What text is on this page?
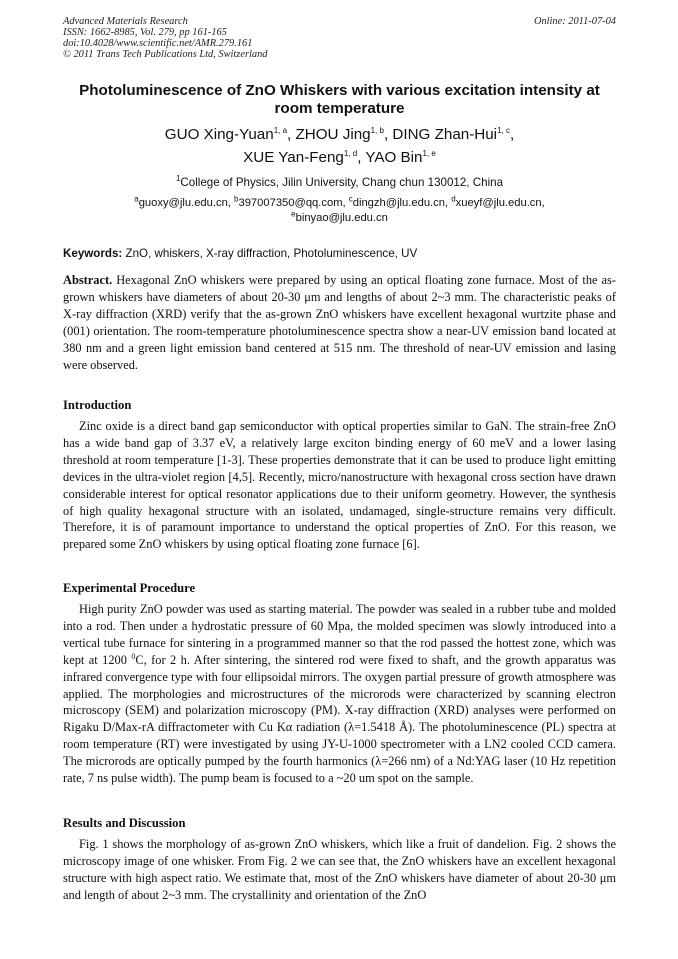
Advanced Materials Research
ISSN: 1662-8985, Vol. 279, pp 161-165
doi:10.4028/www.scientific.net/AMR.279.161
© 2011 Trans Tech Publications Ltd, Switzerland
Online: 2011-07-04
Photoluminescence of ZnO Whiskers with various excitation intensity at room temperature
GUO Xing-Yuan$^{1, a}$, ZHOU Jing$^{1, b}$, DING Zhan-Hui$^{1, c}$,
XUE Yan-Feng$^{1, d}$, YAO Bin$^{1, e}$
$^1$College of Physics, Jilin University, Chang chun 130012, China
$^a$guoxy@jlu.edu.cn, $^b$397007350@qq.com, $^c$dingzh@jlu.edu.cn, $^d$xueyf@jlu.edu.cn,
$^e$binyao@jlu.edu.cn
Keywords: ZnO, whiskers, X-ray diffraction, Photoluminescence, UV

Abstract. Hexagonal ZnO whiskers were prepared by using an optical floating zone furnace. Most of the as-grown whiskers have diameters of about 20-30 μm and lengths of about 2~3 mm. The characteristic peaks of X-ray diffraction (XRD) verify that the as-grown ZnO whiskers have excellent hexagonal wurtzite phase and (001) orientation. The room-temperature photoluminescence spectra show a near-UV emission band located at 380 nm and a green light emission band centered at 515 nm. The threshold of near-UV emission and lasing were observed.

Introduction

Zinc oxide is a direct band gap semiconductor with optical properties similar to GaN. The strain-free ZnO has a wide band gap of 3.37 eV, a relatively large exciton binding energy of 60 meV and a lower lasing threshold at room temperature [1-3]. These properties demonstrate that it can be used to produce light emitting devices in the ultra-violet region [4,5]. Recently, micro/nanostructure with hexagonal cross section have drawn considerable interest for optical resonator applications due to their uniform geometry. However, the synthesis of high quality hexagonal structure with an isolated, undamaged, single-structure remains very difficult. Therefore, it is of paramount importance to understand the optical properties of ZnO. For this reason, we prepared some ZnO whiskers by using optical floating zone furnace [6].

Experimental Procedure

High purity ZnO powder was used as starting material. The powder was sealed in a rubber tube and molded into a rod. Then under a hydrostatic pressure of 60 Mpa, the molded specimen was slowly introduced into a vertical tube furnace for sintering in a programmed manner so that the rod passed the hottest zone, which was kept at 1200 $^0$C, for 2 h. After sintering, the sintered rod were fixed to shaft, and the growth apparatus was infrared convergence type with four ellipsoidal mirrors. The oxygen partial pressure of growth atmosphere was applied. The morphologies and microstructures of the microrods were characterized by scanning electron microscopy (SEM) and polarization microscopy (PM). X-ray diffraction (XRD) analyses were performed on Rigaku D/Max-rA diffractometer with Cu Kα radiation (λ=1.5418 Å). The photoluminescence (PL) spectra at room temperature (RT) were investigated by using JY-U-1000 spectrometer with a LN2 cooled CCD camera. The microrods are optically pumped by the fourth harmonics (λ=266 nm) of a Nd:YAG laser (10 Hz repetition rate, 7 ns pulse width). The pump beam is focused to a ~20 um spot on the sample.

Results and Discussion

Fig. 1 shows the morphology of as-grown ZnO whiskers, which like a fruit of dandelion. Fig. 2 shows the microscopy image of one whisker. From Fig. 2 we can see that, the ZnO whiskers have an excellent hexagonal structure with high aspect ratio. We estimate that, most of the ZnO whiskers have diameter of about 20-30 μm and length of about 2~3 mm. The crystallinity and orientation of the ZnO
